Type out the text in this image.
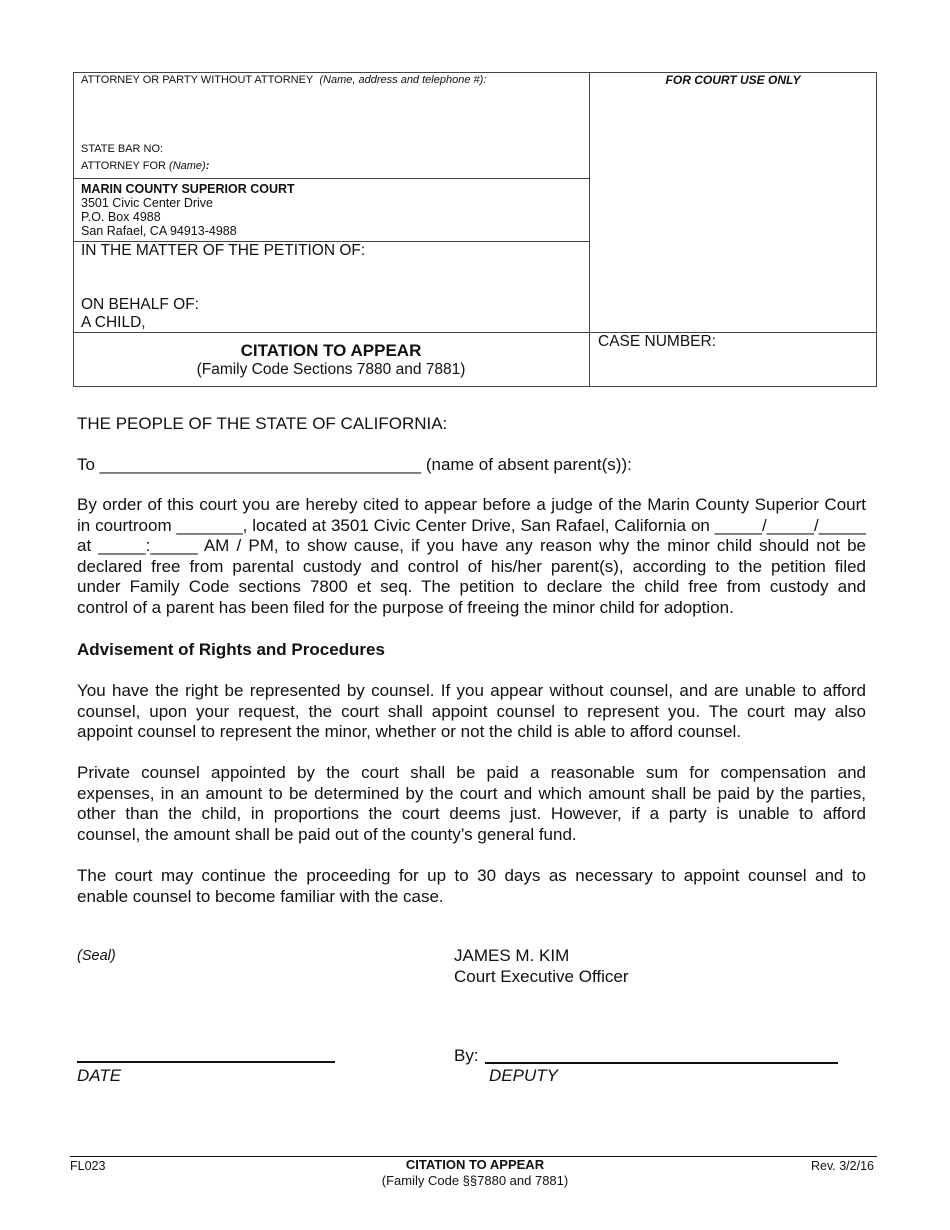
ATTORNEY OR PARTY WITHOUT ATTORNEY (Name, address and telephone #):
STATE BAR NO:
ATTORNEY FOR (Name):
FOR COURT USE ONLY
MARIN COUNTY SUPERIOR COURT
3501 Civic Center Drive
P.O. Box 4988
San Rafael, CA 94913-4988
IN THE MATTER OF THE PETITION OF:
ON BEHALF OF:
A CHILD,
CITATION TO APPEAR
(Family Code Sections 7880 and 7881)
CASE NUMBER:
THE PEOPLE OF THE STATE OF CALIFORNIA:
To __________________________________ (name of absent parent(s)):
By order of this court you are hereby cited to appear before a judge of the Marin County Superior Court
in courtroom _______, located at 3501 Civic Center Drive, San Rafael, California on _____/_____/_____
at _____:_____ AM / PM, to show cause, if you have any reason why the minor child should not be
declared free from parental custody and control of his/her parent(s), according to the petition filed
under Family Code sections 7800 et seq. The petition to declare the child free from custody and
control of a parent has been filed for the purpose of freeing the minor child for adoption.
Advisement of Rights and Procedures
You have the right be represented by counsel. If you appear without counsel, and are unable to afford
counsel, upon your request, the court shall appoint counsel to represent you. The court may also
appoint counsel to represent the minor, whether or not the child is able to afford counsel.
Private counsel appointed by the court shall be paid a reasonable sum for compensation and
expenses, in an amount to be determined by the court and which amount shall be paid by the parties,
other than the child, in proportions the court deems just. However, if a party is unable to afford
counsel, the amount shall be paid out of the county’s general fund.
The court may continue the proceeding for up to 30 days as necessary to appoint counsel and to
enable counsel to become familiar with the case.
(Seal)	JAMES M. KIM
Court Executive Officer
DATE
By:
DEPUTY
FL023	CITATION TO APPEAR
(Family Code §§7880 and 7881)
Rev. 3/2/16
